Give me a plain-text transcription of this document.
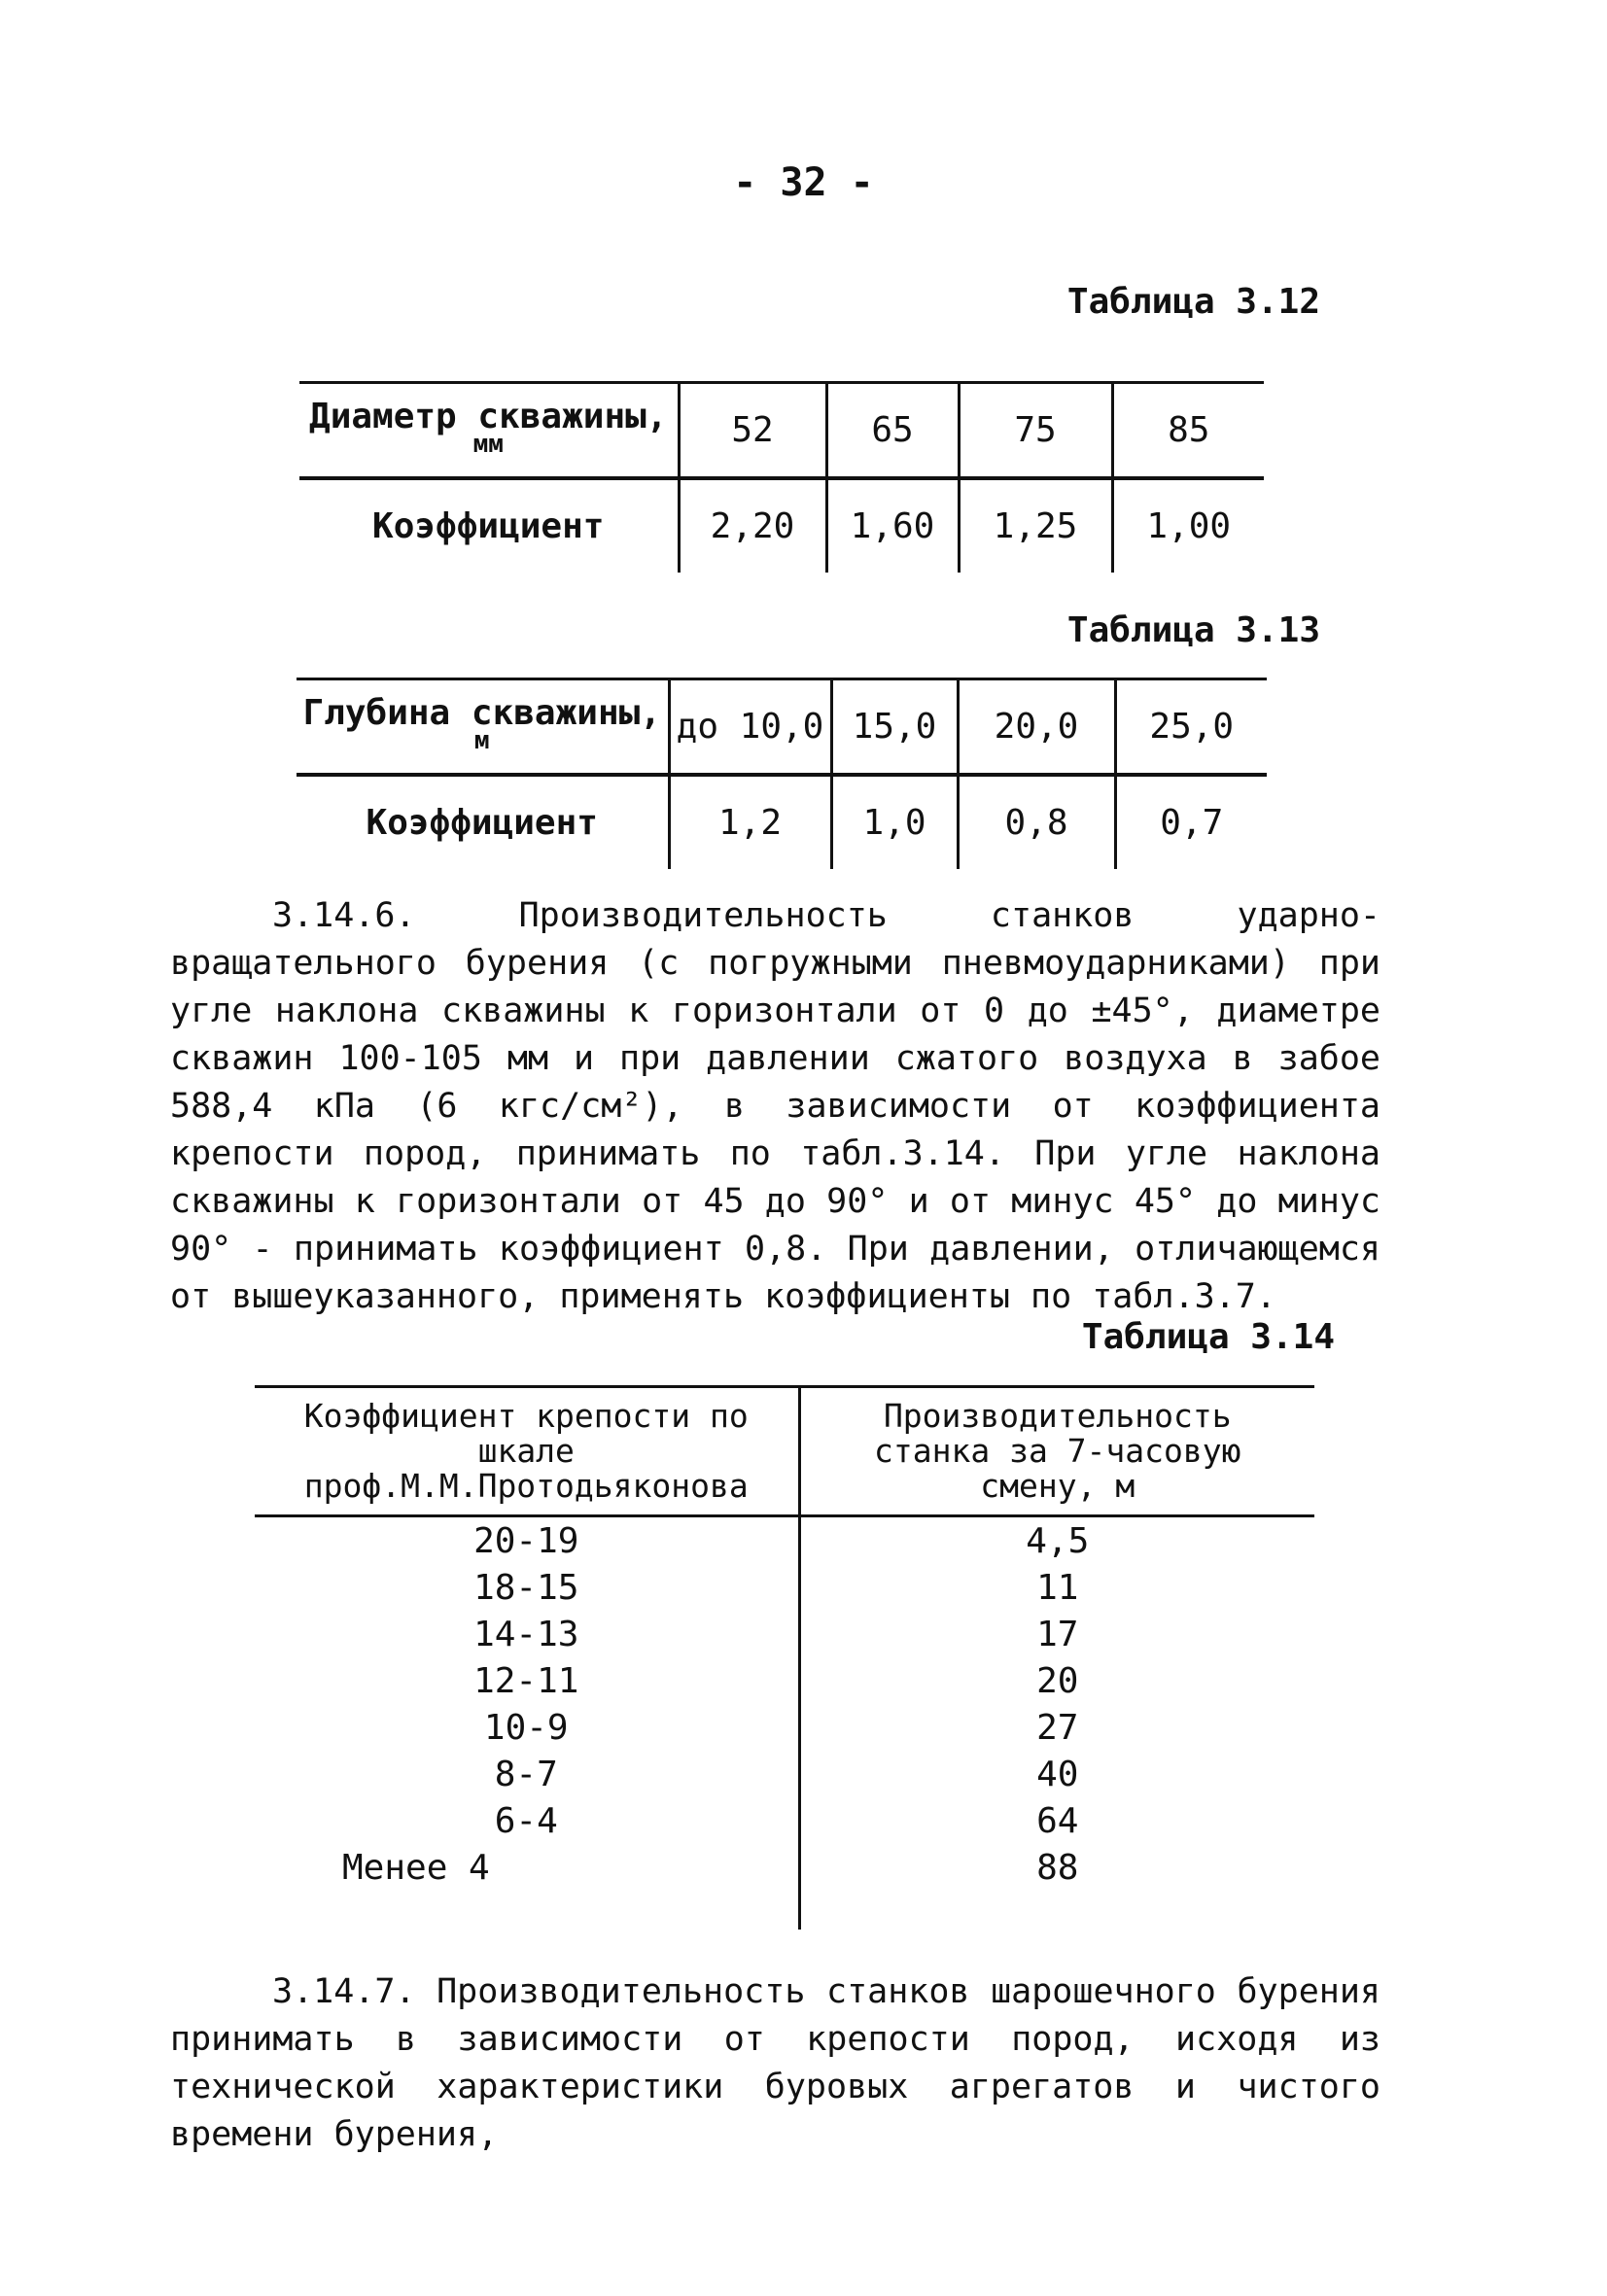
- 32 -
Таблица 3.12
Диаметр скважины,
мм	52	65	75	85
Коэффициент	2,20	1,60	1,25	1,00
Таблица 3.13
Глубина скважины,
м	до 10,0	15,0	20,0	25,0
Коэффициент	1,2	1,0	0,8	0,7

3.14.6. Производительность станков ударно-вращательного бурения (с погружными пневмоударниками) при угле наклона скважины к горизонтали от 0 до ±45°, диаметре скважин 100-105 мм и при давлении сжатого воздуха в забое 588,4 кПа (6 кгс/см²), в зависимости от коэффициента крепости пород, принимать по табл.3.14. При угле наклона скважины к горизонтали от 45 до 90° и от минус 45° до минус 90° - принимать коэффициент 0,8. При давлении, отличающемся от вышеуказанного, применять коэффициенты по табл.3.7.

Таблица 3.14
Коэффициент крепости по шкале проф.М.М.Протодьяконова	Производительность станка за 7-часовую смену, м
20-19	4,5
18-15	11
14-13	17
12-11	20
10-9	27
8-7	40
6-4	64
Менее 4	88

3.14.7. Производительность станков шарошечного бурения принимать в зависимости от крепости пород, исходя из технической характеристики буровых агрегатов и чистого времени бурения,
